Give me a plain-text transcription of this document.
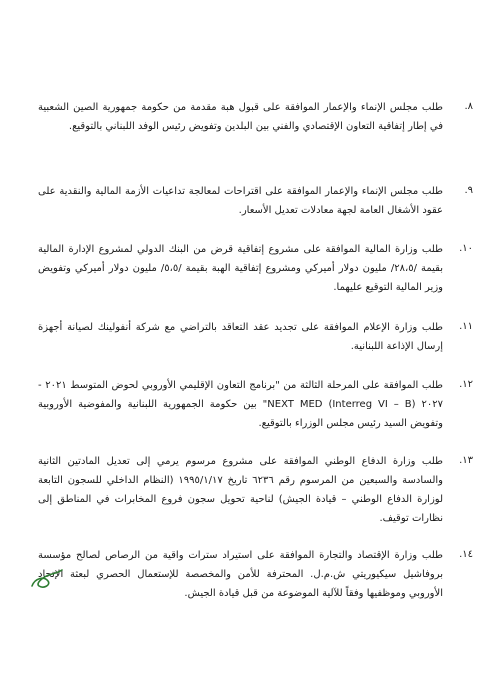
٨.
طلب مجلس الإنماء والإعمار الموافقة على قبول هبة مقدمة من حكومة جمهورية الصين الشعبية في إطار إتفاقية التعاون الإقتصادي والفني بين البلدين وتفويض رئيس الوفد اللبناني بالتوقيع.
٩.
طلب مجلس الإنماء والإعمار الموافقة على اقتراحات لمعالجة تداعيات الأزمة المالية والنقدية على عقود الأشغال العامة لجهة معادلات تعديل الأسعار.
١٠.
طلب وزارة المالية الموافقة على مشروع إتفاقية قرض من البنك الدولي لمشروع الإدارة المالية بقيمة /٢٨،٥/ مليون دولار أميركي ومشروع إتفاقية الهبة بقيمة /٥،٥/ مليون دولار أميركي وتفويض وزير المالية التوقيع عليهما.
١١.
طلب وزارة الإعلام الموافقة على تجديد عقد التعاقد بالتراضي مع شركة أنفولينك لصيانة أجهزة إرسال الإذاعة اللبنانية.
١٢.
طلب الموافقة على المرحلة الثالثة من "برنامج التعاون الإقليمي الأوروبي لحوض المتوسط ٢٠٢١ - ٢٠٢٧ (Interreg VI – B) NEXT MED" بين حكومة الجمهورية اللبنانية والمفوضية الأوروبية وتفويض السيد رئيس مجلس الوزراء بالتوقيع.
١٣.
طلب وزارة الدفاع الوطني الموافقة على مشروع مرسوم يرمي إلى تعديل المادتين الثانية والسادسة والسبعين من المرسوم رقم ٦٢٣٦ تاريخ ١٩٩٥/١/١٧ (النظام الداخلي للسجون التابعة لوزارة الدفاع الوطني – قيادة الجيش) لناحية تحويل سجون فروع المخابرات في المناطق إلى نظارات توقيف.
١٤.
طلب وزارة الإقتصاد والتجارة الموافقة على استيراد سترات واقية من الرصاص لصالح مؤسسة بروفاشيل سيكيوريتي ش.م.ل. المحترفة للأمن والمخصصة للإستعمال الحصري لبعثة الإتحاد الأوروبي وموظفيها وفقاً للآلية الموضوعة من قبل قيادة الجيش.
